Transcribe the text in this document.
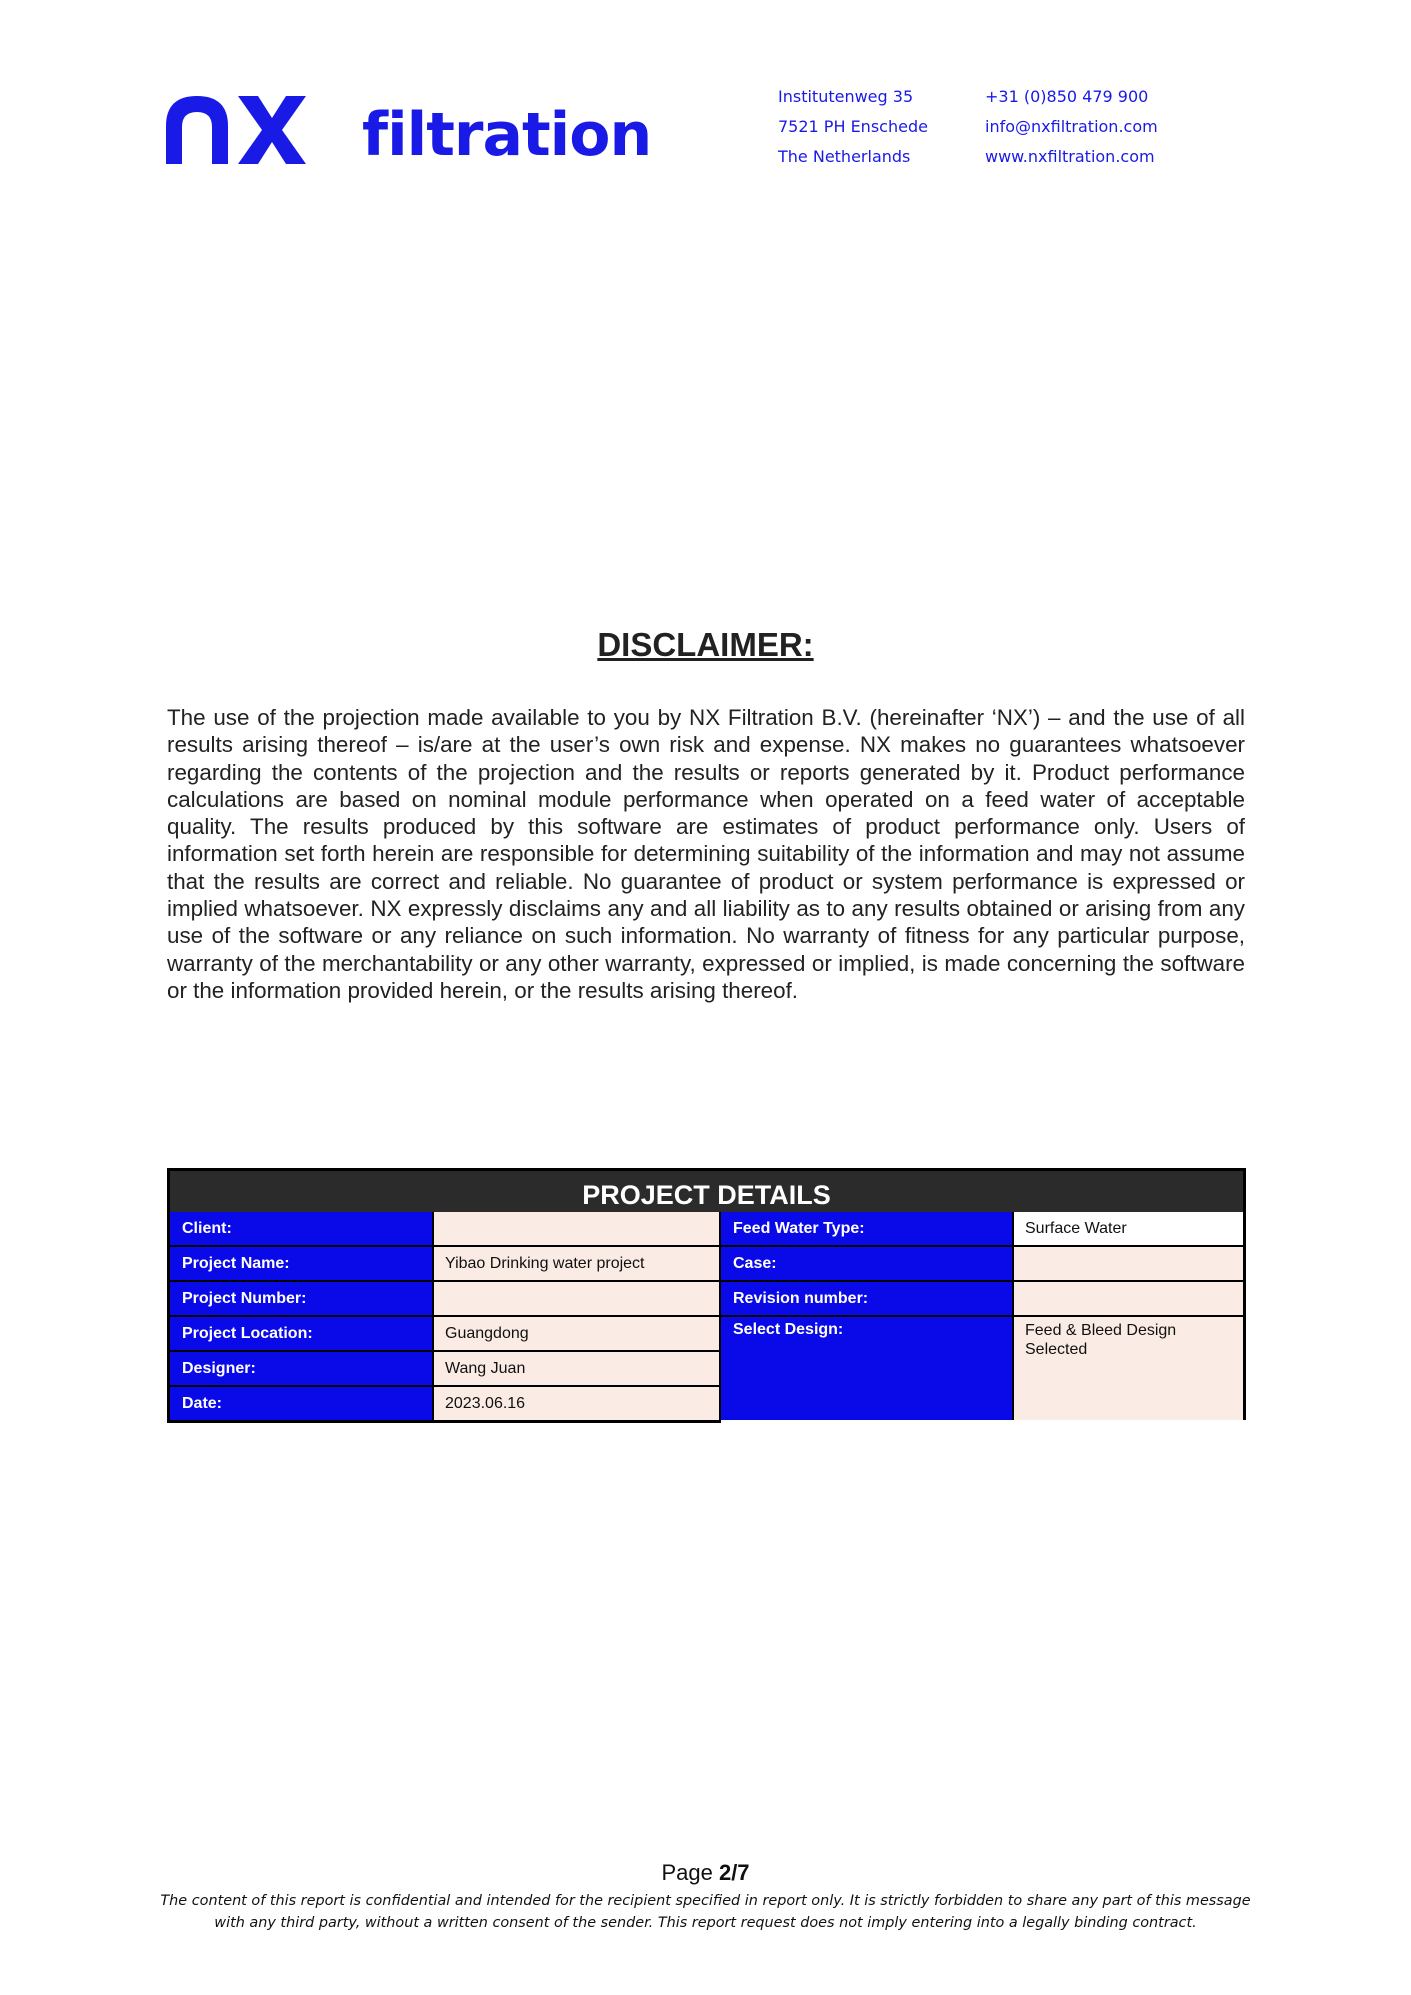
filtration
Institutenweg 35
7521 PH Enschede
The Netherlands
+31 (0)850 479 900
info@nxfiltration.com
www.nxfiltration.com
DISCLAIMER:
The use of the projection made available to you by NX Filtration B.V. (hereinafter ‘NX’) – and the use of all results arising thereof – is/are at the user’s own risk and expense. NX makes no guarantees whatsoever regarding the contents of the projection and the results or reports generated by it. Product performance calculations are based on nominal module performance when operated on a feed water of acceptable quality. The results produced by this software are estimates of product performance only. Users of information set forth herein are responsible for determining suitability of the information and may not assume that the results are correct and reliable. No guarantee of product or system performance is expressed or implied whatsoever. NX expressly disclaims any and all liability as to any results obtained or arising from any use of the software or any reliance on such information. No warranty of fitness for any particular purpose, warranty of the merchantability or any other warranty, expressed or implied, is made concerning the software or the information provided herein, or the results arising thereof.
PROJECT DETAILS
Client:
Project Name:
Project Number:
Project Location:
Designer:
Date:
Yibao Drinking water project
Guangdong
Wang Juan
2023.06.16
Feed Water Type:
Case:
Revision number:
Select Design:
Surface Water
Feed & Bleed Design Selected
Page 2/7
The content of this report is confidential and intended for the recipient specified in report only. It is strictly forbidden to share any part of this message
with any third party, without a written consent of the sender. This report request does not imply entering into a legally binding contract.
